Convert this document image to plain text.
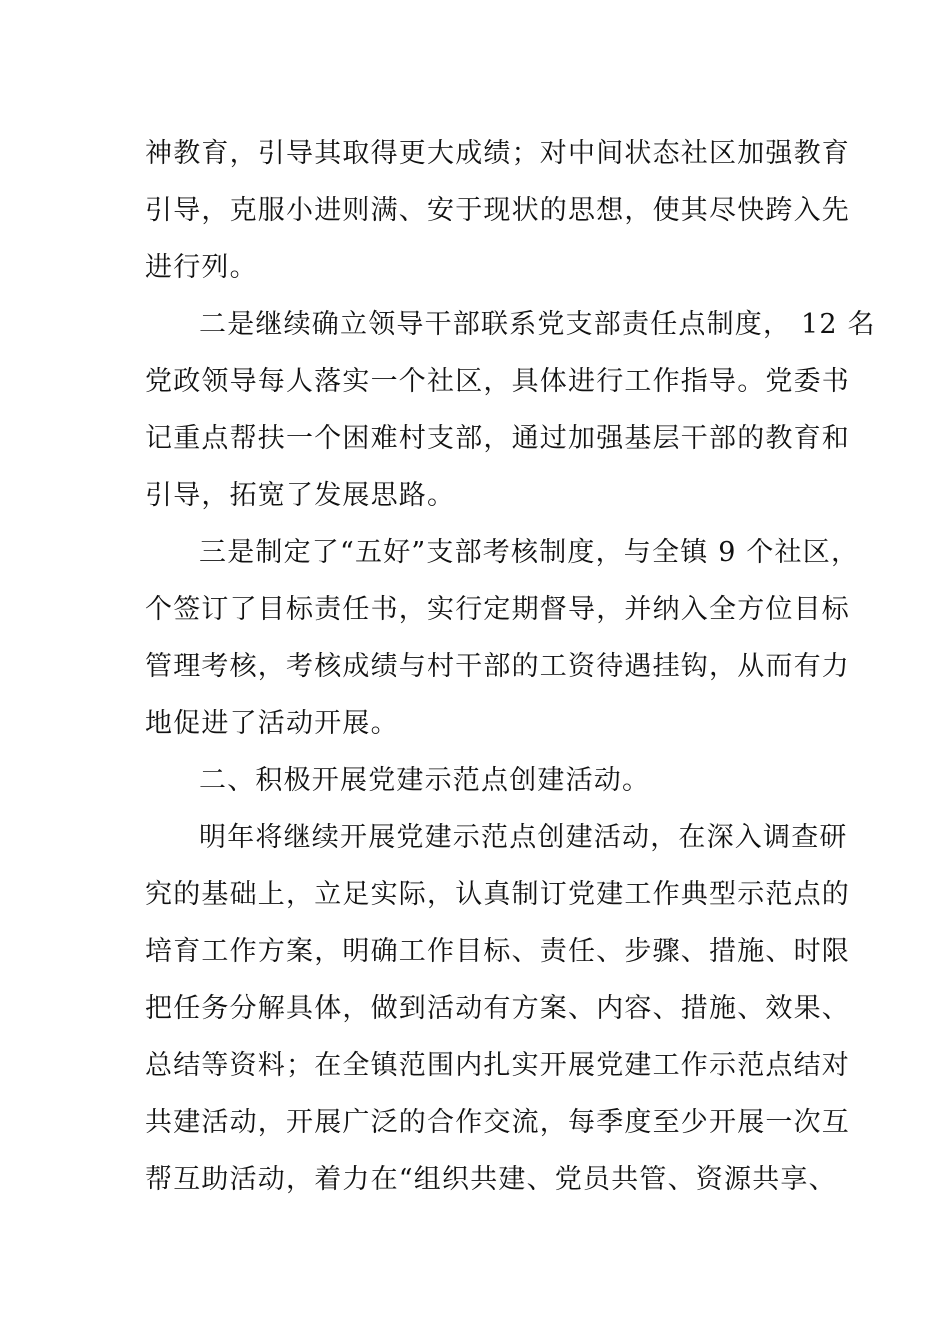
神教育，引导其取得更大成绩；对中间状态社区加强教育
引导，克服小进则满、安于现状的思想，使其尽快跨入先
进行列。
二是继续确立领导干部联系党支部责任点制度， 12 名
党政领导每人落实一个社区，具体进行工作指导。党委书
记重点帮扶一个困难村支部，通过加强基层干部的教育和
引导，拓宽了发展思路。
三是制定了“五好”支部考核制度，与全镇 9 个社区，
个签订了目标责任书，实行定期督导，并纳入全方位目标
管理考核，考核成绩与村干部的工资待遇挂钩，从而有力
地促进了活动开展。
二、积极开展党建示范点创建活动。
明年将继续开展党建示范点创建活动，在深入调查研
究的基础上，立足实际，认真制订党建工作典型示范点的
培育工作方案，明确工作目标、责任、步骤、措施、时限
把任务分解具体，做到活动有方案、内容、措施、效果、
总结等资料；在全镇范围内扎实开展党建工作示范点结对
共建活动，开展广泛的合作交流，每季度至少开展一次互
帮互助活动，着力在“组织共建、党员共管、资源共享、
